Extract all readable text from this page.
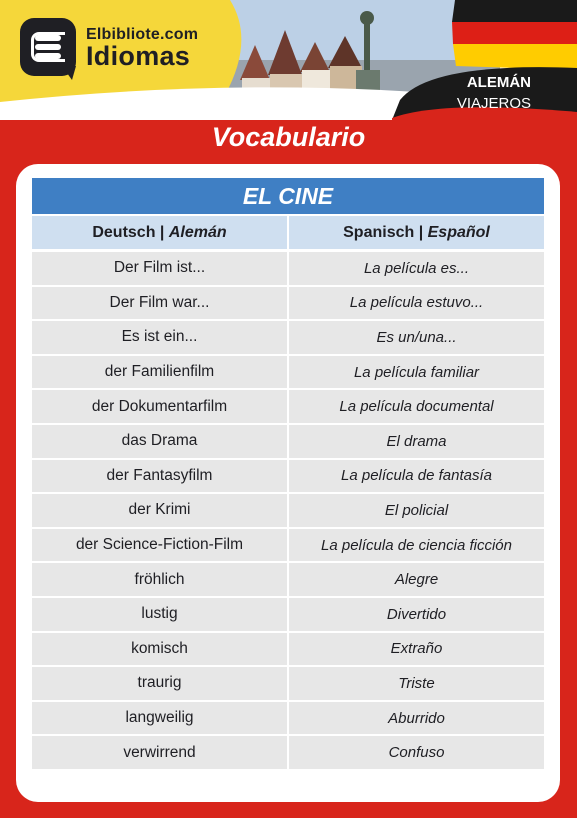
Elbibliote.com
Idiomas
ALEMÁN
VIAJEROS
Vocabulario
EL CINE
Deutsch | Alemán	Spanisch | Español
Der Film ist...	La película es...
Der Film war...	La película estuvo...
Es ist ein...	Es un/una...
der Familienfilm	La película familiar
der Dokumentarfilm	La película documental
das Drama	El drama
der Fantasyfilm	La película de fantasía
der Krimi	El policial
der Science-Fiction-Film	La película de ciencia ficción
fröhlich	Alegre
lustig	Divertido
komisch	Extraño
traurig	Triste
langweilig	Aburrido
verwirrend	Confuso
